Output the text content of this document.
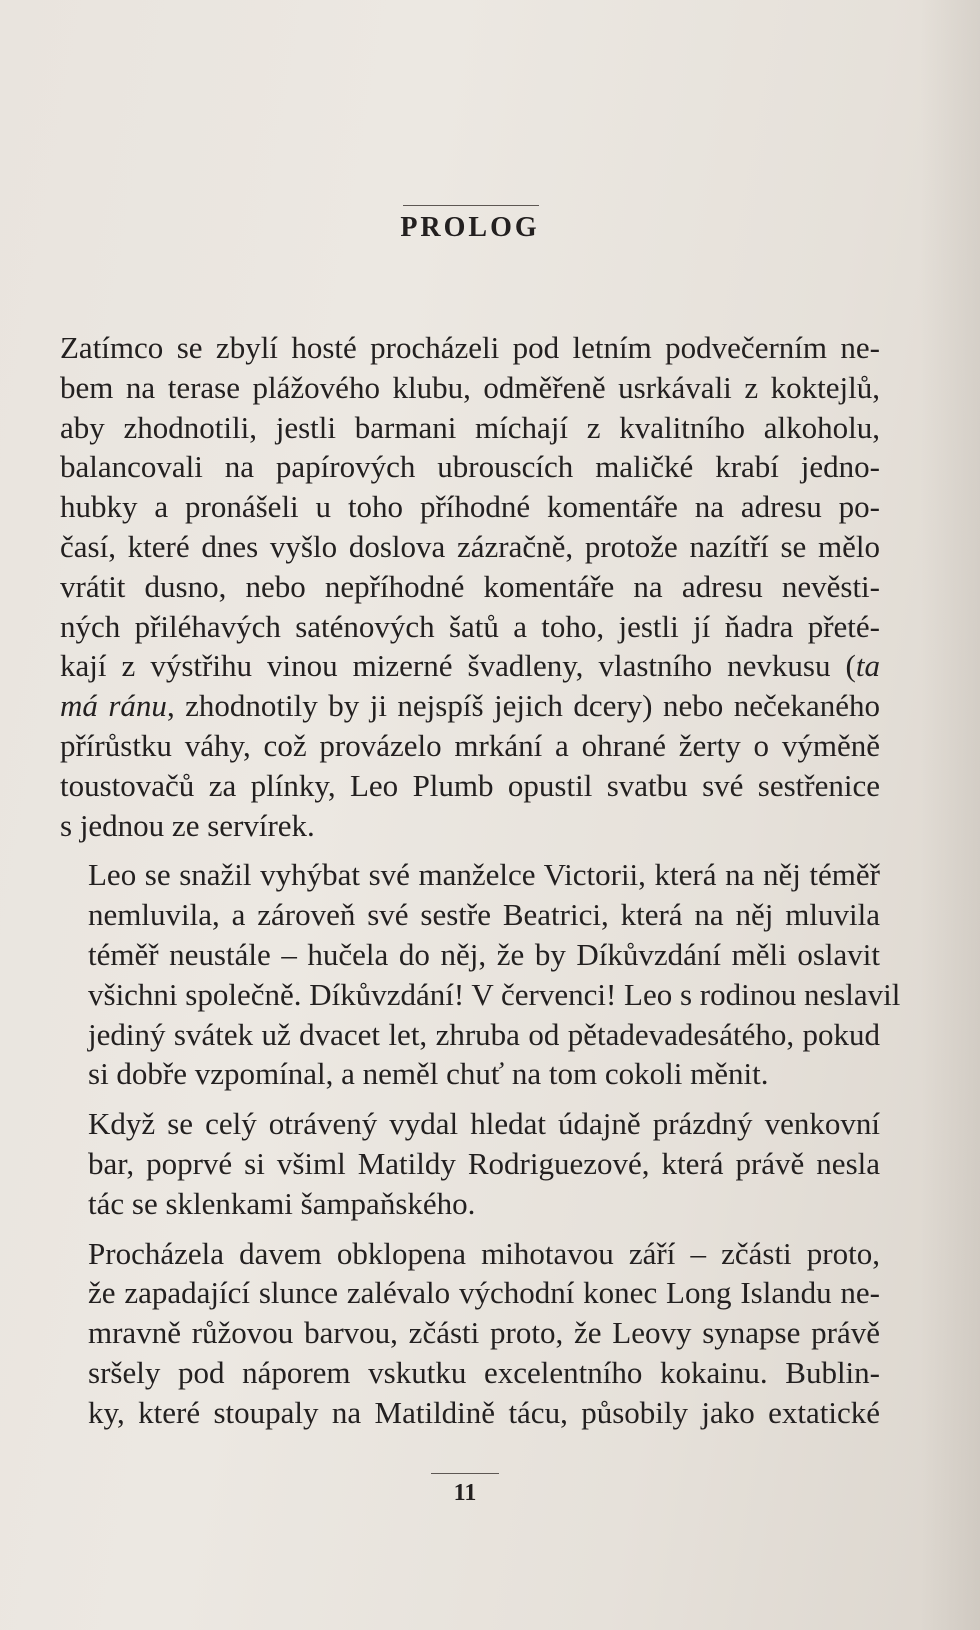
PROLOG

Zatímco se zbylí hosté procházeli pod letním podvečerním ne-
bem na terase plážového klubu, odměřeně usrkávali z koktejlů,
aby zhodnotili, jestli barmani míchají z kvalitního alkoholu,
balancovali na papírových ubrouscích maličké krabí jedno-
hubky a pronášeli u toho příhodné komentáře na adresu po-
časí, které dnes vyšlo doslova zázračně, protože nazítří se mělo
vrátit dusno, nebo nepříhodné komentáře na adresu nevěsti-
ných přiléhavých saténových šatů a toho, jestli jí ňadra přeté-
kají z výstřihu vinou mizerné švadleny, vlastního nevkusu (ta
má ránu, zhodnotily by ji nejspíš jejich dcery) nebo nečekaného
přírůstku váhy, což provázelo mrkání a ohrané žerty o výměně
toustovačů za plínky, Leo Plumb opustil svatbu své sestřenice
s jednou ze servírek.

Leo se snažil vyhýbat své manželce Victorii, která na něj téměř
nemluvila, a zároveň své sestře Beatrici, která na něj mluvila
téměř neustále – hučela do něj, že by Díkůvzdání měli oslavit
všichni společně. Díkůvzdání! V červenci! Leo s rodinou neslavil
jediný svátek už dvacet let, zhruba od pětadevadesátého, pokud
si dobře vzpomínal, a neměl chuť na tom cokoli měnit.

Když se celý otrávený vydal hledat údajně prázdný venkovní
bar, poprvé si všiml Matildy Rodriguezové, která právě nesla
tác se sklenkami šampaňského.

Procházela davem obklopena mihotavou září – zčásti proto,
že zapadající slunce zalévalo východní konec Long Islandu ne-
mravně růžovou barvou, zčásti proto, že Leovy synapse právě
sršely pod náporem vskutku excelentního kokainu. Bublin-
ky, které stoupaly na Matildině tácu, působily jako extatické

11
